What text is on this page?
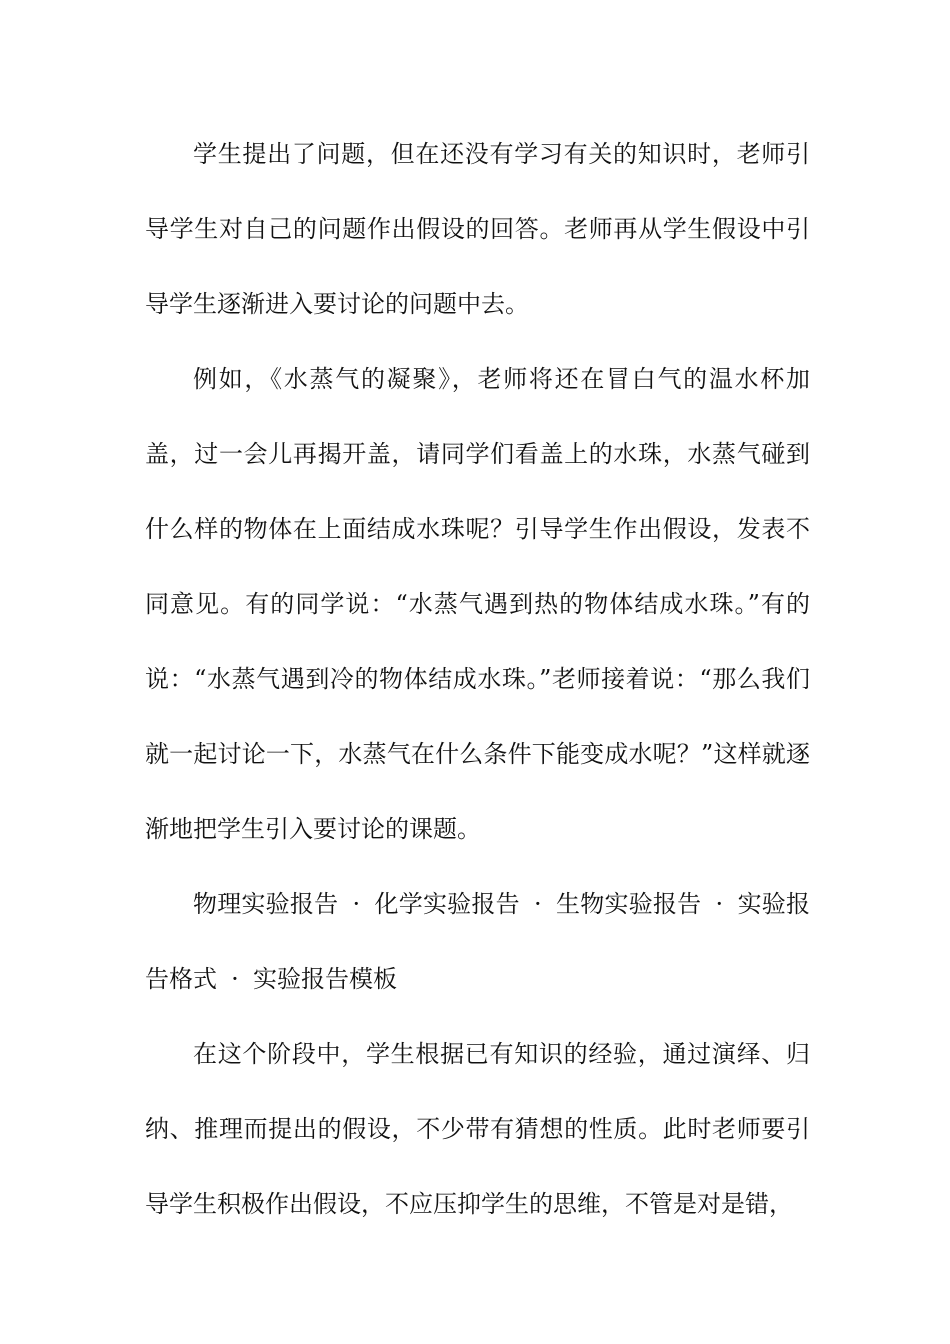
学生提出了问题，但在还没有学习有关的知识时，老师引导学生对自己的问题作出假设的回答。老师再从学生假设中引导学生逐渐进入要讨论的问题中去。

例如，《水蒸气的凝聚》，老师将还在冒白气的温水杯加盖，过一会儿再揭开盖，请同学们看盖上的水珠，水蒸气碰到什么样的物体在上面结成水珠呢？引导学生作出假设，发表不同意见。有的同学说：“水蒸气遇到热的物体结成水珠。”有的说：“水蒸气遇到冷的物体结成水珠。”老师接着说：“那么我们就一起讨论一下，水蒸气在什么条件下能变成水呢？”这样就逐渐地把学生引入要讨论的课题。

物理实验报告 · 化学实验报告 · 生物实验报告 · 实验报告格式 · 实验报告模板

在这个阶段中，学生根据已有知识的经验，通过演绎、归纳、推理而提出的假设，不少带有猜想的性质。此时老师要引导学生积极作出假设，不应压抑学生的思维，不管是对是错，
